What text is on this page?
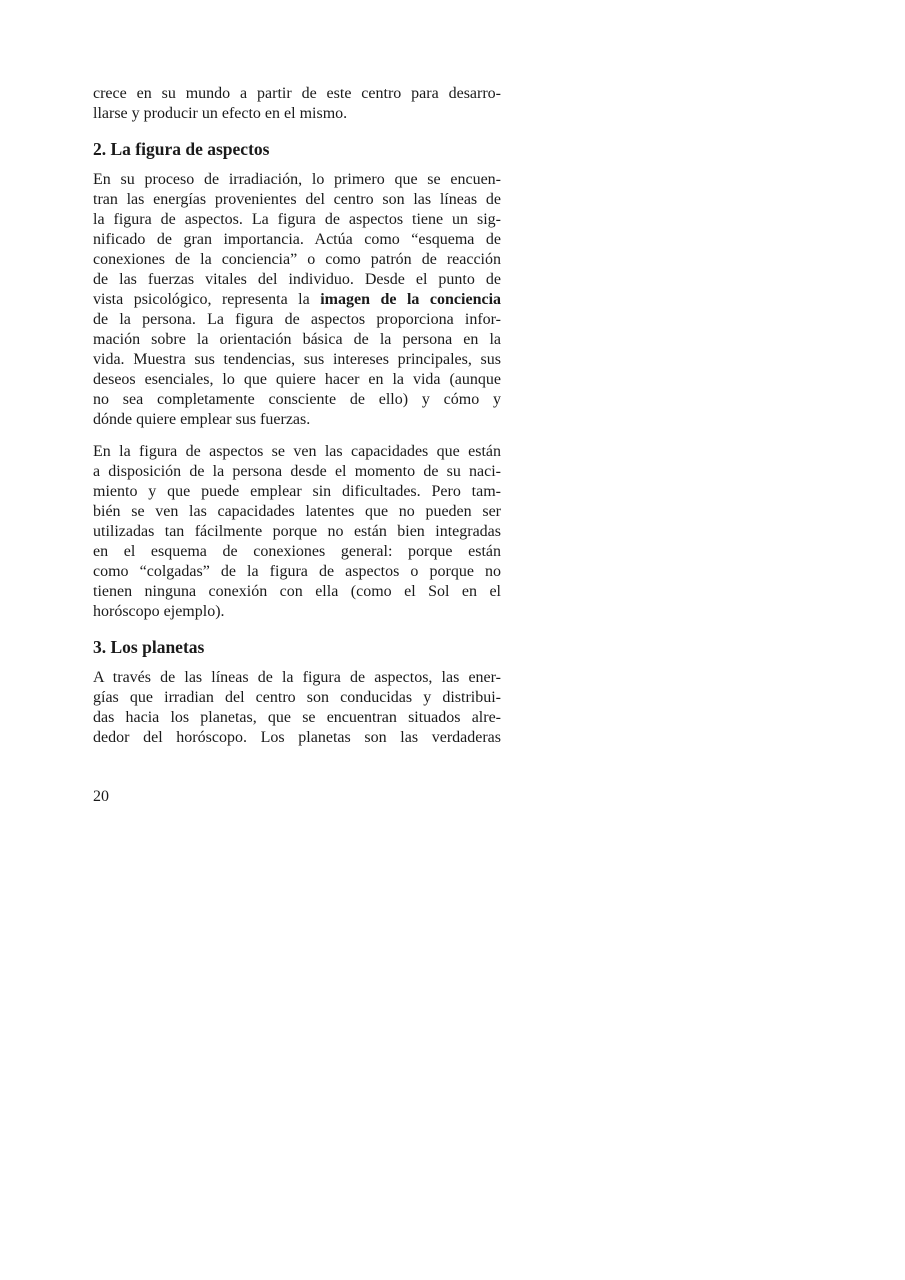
crece en su mundo a partir de este centro para desarro-
llarse y producir un efecto en el mismo.
2. La figura de aspectos
En su proceso de irradiación, lo primero que se encuen-
tran las energías provenientes del centro son las líneas de
la figura de aspectos. La figura de aspectos tiene un sig-
nificado de gran importancia. Actúa como “esquema de
conexiones de la conciencia” o como patrón de reacción
de las fuerzas vitales del individuo. Desde el punto de
vista psicológico, representa la imagen de la conciencia
de la persona. La figura de aspectos proporciona infor-
mación sobre la orientación básica de la persona en la
vida. Muestra sus tendencias, sus intereses principales, sus
deseos esenciales, lo que quiere hacer en la vida (aunque
no sea completamente consciente de ello) y cómo y
dónde quiere emplear sus fuerzas.
En la figura de aspectos se ven las capacidades que están
a disposición de la persona desde el momento de su naci-
miento y que puede emplear sin dificultades. Pero tam-
bién se ven las capacidades latentes que no pueden ser
utilizadas tan fácilmente porque no están bien integradas
en el esquema de conexiones general: porque están
como “colgadas” de la figura de aspectos o porque no
tienen ninguna conexión con ella (como el Sol en el
horóscopo ejemplo).
3. Los planetas
A través de las líneas de la figura de aspectos, las ener-
gías que irradian del centro son conducidas y distribui-
das hacia los planetas, que se encuentran situados alre-
dedor del horóscopo. Los planetas son las verdaderas
20
